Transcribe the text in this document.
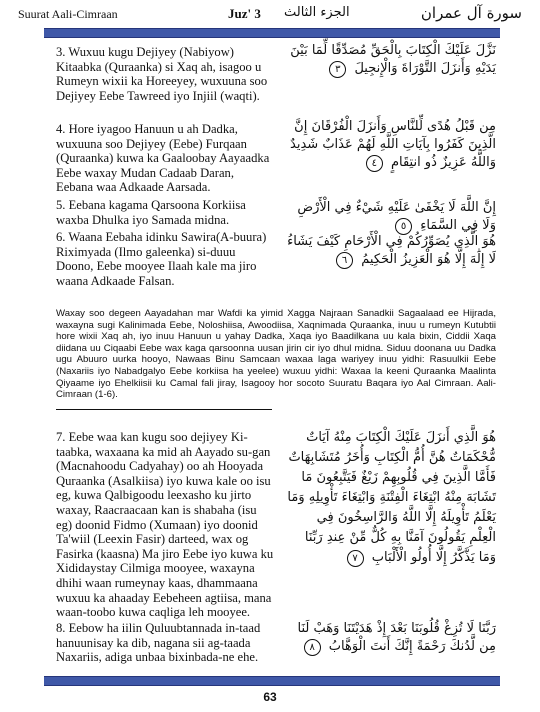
Suurat Aali-Cimraan	Juz' 3 الجزء الثالث	سورة آل عمران
3. Wuxuu kugu Dejiyey (Nabiyow) Kitaabka (Quraanka) si Xaq ah, isagoo u Rumeyn wixii ka Horeeyey, wuxuuna soo Dejiyey Eebe Tawreed iyo Injiil (waqti).
نَزَّلَ عَلَيْكَ الْكِتَابَ بِالْحَقِّ مُصَدِّقًا لِّمَا بَيْنَ يَدَيْهِ وَأَنزَلَ التَّوْرَاةَ وَالْإِنجِيلَ ٣
4. Hore iyagoo Hanuun u ah Dadka, wuxuuna soo Dejiyey (Eebe) Furqaan (Quraanka) kuwa ka Gaaloobay Aayaadka Eebe waxay Mudan Cadaab Daran, Eebana waa Adkaade Aarsada.
مِن قَبْلُ هُدًى لِّلنَّاسِ وَأَنزَلَ الْفُرْقَانَ إِنَّ الَّذِينَ كَفَرُوا بِآيَاتِ اللَّهِ لَهُمْ عَذَابٌ شَدِيدٌ وَاللَّهُ عَزِيزٌ ذُو انتِقَامٍ ٤
5. Eebana kagama Qarsoona Korkiisa waxba Dhulka iyo Samada midna.
إِنَّ اللَّهَ لَا يَخْفَىٰ عَلَيْهِ شَيْءٌ فِي الْأَرْضِ وَلَا فِي السَّمَاءِ ٥
6. Waana Eebaha idinku Sawira(A-buura) Riximyada (Ilmo galeenka) si-duuu Doono, Eebe mooyee Ilaah kale ma jiro waana Adkaade Falsan.
هُوَ الَّذِي يُصَوِّرُكُمْ فِي الْأَرْحَامِ كَيْفَ يَشَاءُ لَا إِلَٰهَ إِلَّا هُوَ الْعَزِيزُ الْحَكِيمُ ٦
Waxay soo degeen Aayadahan mar Wafdi ka yimid Xagga Najraan Sanadkii Sagaalaad ee Hijrada, waxayna sugi Kalinimada Eebe, Noloshiisa, Awoodiisa, Xaqnimada Quraanka, inuu u rumeyn Kutubtii hore wixii Xaq ah, iyo inuu Hanuun u yahay Dadka, Xaqa iyo Baadilkana uu kala bixin, Ciddii Xaqa diidana uu Ciqaabi Eebe wax kaga qarsoonna uusan jirin cir iyo dhul midna. Siduu doonana uu Dadka ugu Abuuro uurka hooyo, Nawaas Binu Samcaan waxaa laga wariyey inuu yidhi: Rasuulkii Eebe (Naxariis iyo Nabadgalyo Eebe korkiisa ha yeelee) wuxuu yidhi: Waxaa la keeni Quraanka Maalinta Qiyaame iyo Ehelkiisii ku Camal fali jiray, Isagooy hor socoto Suuratu Baqara iyo Aal Cimraan. Aali-Cimraan (1-6).
7. Eebe waa kan kugu soo dejiyey Ki-taabka, waxaana ka mid ah Aayado su-gan (Macnahoodu Cadyahay) oo ah Hooyada Quraanka (Asalkiisa) iyo kuwa kale oo isu eg, kuwa Qalbigoodu leexasho ku jirto waxay, Raacraacaan kan is shabaha (isu eg) doonid Fidmo (Xumaan) iyo doonid Ta'wiil (Leexin Fasir) darteed, wax og Fasirka (kaasna) Ma jiro Eebe iyo kuwa ku Xididaystay Cilmiga mooyee, waxayna dhihi waan rumeynay kaas, dhammaana wuxuu ka ahaaday Eebeheen agtiisa, mana waan-toobo kuwa caqliga leh mooyee.
هُوَ الَّذِي أَنزَلَ عَلَيْكَ الْكِتَابَ مِنْهُ آيَاتٌ مُّحْكَمَاتٌ هُنَّ أُمُّ الْكِتَابِ وَأُخَرُ مُتَشَابِهَاتٌ فَأَمَّا الَّذِينَ فِي قُلُوبِهِمْ زَيْغٌ فَيَتَّبِعُونَ مَا تَشَابَهَ مِنْهُ ابْتِغَاءَ الْفِتْنَةِ وَابْتِغَاءَ تَأْوِيلِهِ وَمَا يَعْلَمُ تَأْوِيلَهُ إِلَّا اللَّهُ وَالرَّاسِخُونَ فِي الْعِلْمِ يَقُولُونَ آمَنَّا بِهِ كُلٌّ مِّنْ عِندِ رَبِّنَا وَمَا يَذَّكَّرُ إِلَّا أُولُو الْأَلْبَابِ ٧
8. Eebow ha iilin Quluubtannada in-taad hanuunisay ka dib, nagana sii ag-taada Naxariis, adiga unbaa bixinbada-ne ehe.
رَبَّنَا لَا تُزِغْ قُلُوبَنَا بَعْدَ إِذْ هَدَيْتَنَا وَهَبْ لَنَا مِن لَّدُنكَ رَحْمَةً إِنَّكَ أَنتَ الْوَهَّابُ ٨
63
